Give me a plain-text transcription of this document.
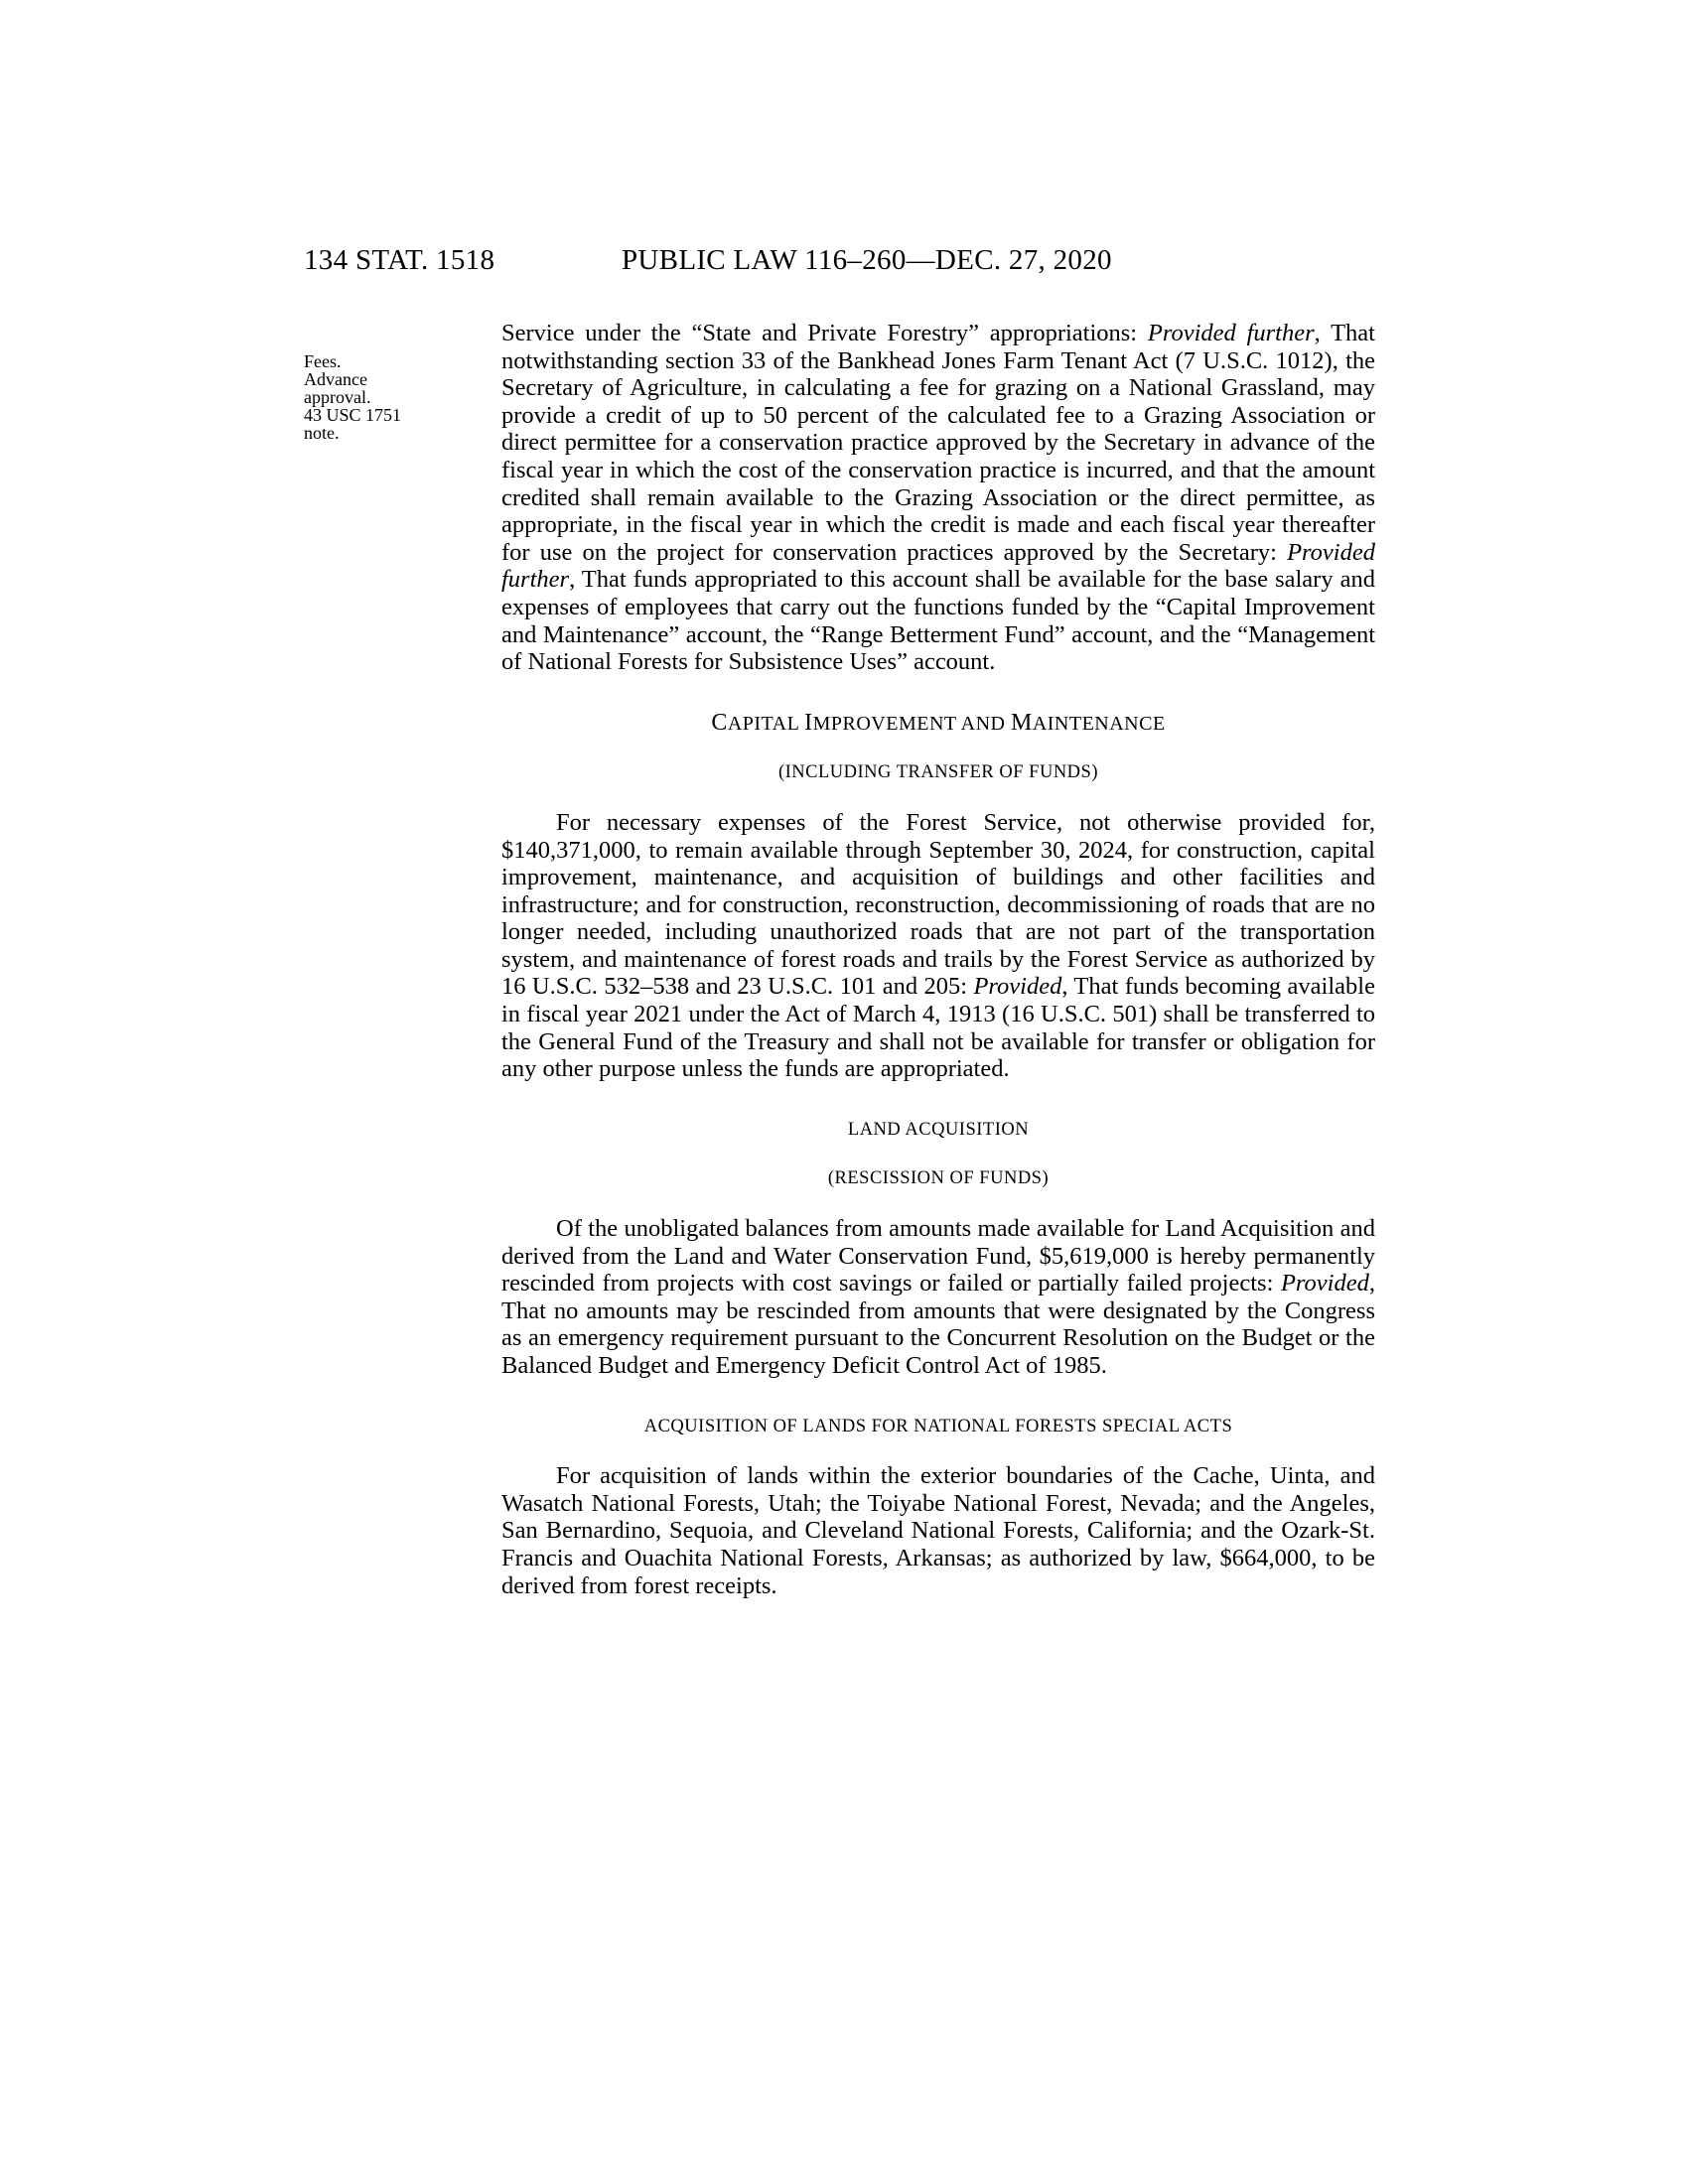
134 STAT. 1518	PUBLIC LAW 116–260—DEC. 27, 2020
Fees.
Advance
approval.
43 USC 1751
note.

Service under the “State and Private Forestry” appropriations: Provided further, That notwithstanding section 33 of the Bankhead Jones Farm Tenant Act (7 U.S.C. 1012), the Secretary of Agriculture, in calculating a fee for grazing on a National Grassland, may provide a credit of up to 50 percent of the calculated fee to a Grazing Association or direct permittee for a conservation practice approved by the Secretary in advance of the fiscal year in which the cost of the conservation practice is incurred, and that the amount credited shall remain available to the Grazing Association or the direct permittee, as appropriate, in the fiscal year in which the credit is made and each fiscal year thereafter for use on the project for conservation practices approved by the Secretary: Provided further, That funds appropriated to this account shall be available for the base salary and expenses of employees that carry out the functions funded by the “Capital Improvement and Maintenance” account, the “Range Betterment Fund” account, and the “Management of National Forests for Subsistence Uses” account.

CAPITAL IMPROVEMENT AND MAINTENANCE

(INCLUDING TRANSFER OF FUNDS)

For necessary expenses of the Forest Service, not otherwise provided for, $140,371,000, to remain available through September 30, 2024, for construction, capital improvement, maintenance, and acquisition of buildings and other facilities and infrastructure; and for construction, reconstruction, decommissioning of roads that are no longer needed, including unauthorized roads that are not part of the transportation system, and maintenance of forest roads and trails by the Forest Service as authorized by 16 U.S.C. 532–538 and 23 U.S.C. 101 and 205: Provided, That funds becoming available in fiscal year 2021 under the Act of March 4, 1913 (16 U.S.C. 501) shall be transferred to the General Fund of the Treasury and shall not be available for transfer or obligation for any other purpose unless the funds are appropriated.

LAND ACQUISITION

(RESCISSION OF FUNDS)

Of the unobligated balances from amounts made available for Land Acquisition and derived from the Land and Water Conservation Fund, $5,619,000 is hereby permanently rescinded from projects with cost savings or failed or partially failed projects: Provided, That no amounts may be rescinded from amounts that were designated by the Congress as an emergency requirement pursuant to the Concurrent Resolution on the Budget or the Balanced Budget and Emergency Deficit Control Act of 1985.

ACQUISITION OF LANDS FOR NATIONAL FORESTS SPECIAL ACTS

For acquisition of lands within the exterior boundaries of the Cache, Uinta, and Wasatch National Forests, Utah; the Toiyabe National Forest, Nevada; and the Angeles, San Bernardino, Sequoia, and Cleveland National Forests, California; and the Ozark-St. Francis and Ouachita National Forests, Arkansas; as authorized by law, $664,000, to be derived from forest receipts.
